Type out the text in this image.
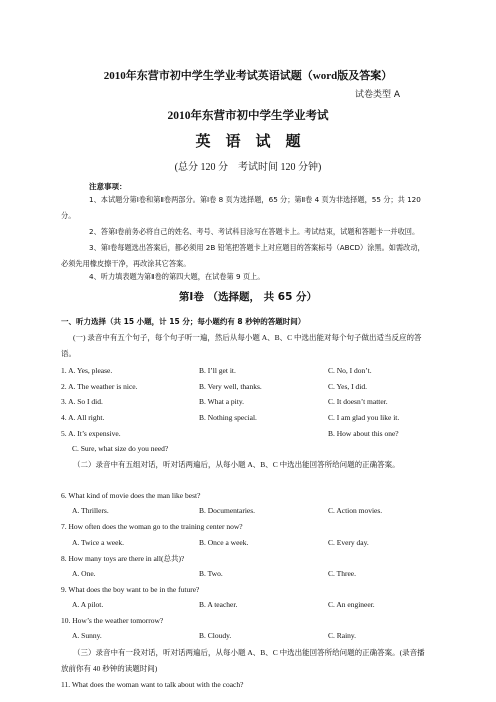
2010年东营市初中学生学业考试英语试题（word版及答案）
试卷类型 A
2010年东营市初中学生学业考试
英　语　试　题
(总分 120 分　考试时间 120 分钟)
注意事项：
1、本试题分第Ⅰ卷和第Ⅱ卷两部分。第Ⅰ卷 8 页为选择题，65 分；第Ⅱ卷 4 页为非选择题，55 分；共 120 分。
2、答第Ⅰ卷前务必将自己的姓名、考号、考试科目涂写在答题卡上。考试结束，试题和答题卡一并收回。
3、第Ⅰ卷每题选出答案后，都必须用 2B 铅笔把答题卡上对应题目的答案标号（ABCD）涂黑。如需改动，必须先用橡皮擦干净，再改涂其它答案。
4、听力填表题为第Ⅱ卷的第四大题，在试卷第 9 页上。
第Ⅰ卷 （选择题， 共 65 分）
一、听力选择（共 15 小题，计 15 分；每小题约有 8 秒钟的答题时间）
(一) 录音中有五个句子，每个句子听一遍，然后从每小题 A、B、C 中选出能对每个句子做出适当反应的答语。
1. A. Yes, please.	B. I’ll get it.	C. No, I don’t.
2. A. The weather is nice.	B. Very well, thanks.	C. Yes, I did.
3. A. So I did.	B. What a pity.	C. It doesn’t matter.
4. A. All right.	B. Nothing special.	C. I am glad you like it.
5. A. It’s expensive.	B. How about this one?
C. Sure, what size do you need?
（二）录音中有五组对话，听对话两遍后，从每小题 A、B、C 中选出能回答所给问题的正确答案。
6. What kind of movie does the man like best?
A. Thrillers.	B. Documentaries.	C. Action movies.
7. How often does the woman go to the training center now?
A. Twice a week.	B. Once a week.	C. Every day.
8. How many toys are there in all(总共)?
A. One.	B. Two.	C. Three.
9. What does the boy want to be in the future?
A. A pilot.	B. A teacher.	C. An engineer.
10. How’s the weather tomorrow?
A. Sunny.	B. Cloudy.	C. Rainy.
（三）录音中有一段对话，听对话两遍后，从每小题 A、B、C 中选出能回答所给问题的正确答案。(录音播放前你有 40 秒钟的读题时间)
11. What does the woman want to talk about with the coach?
